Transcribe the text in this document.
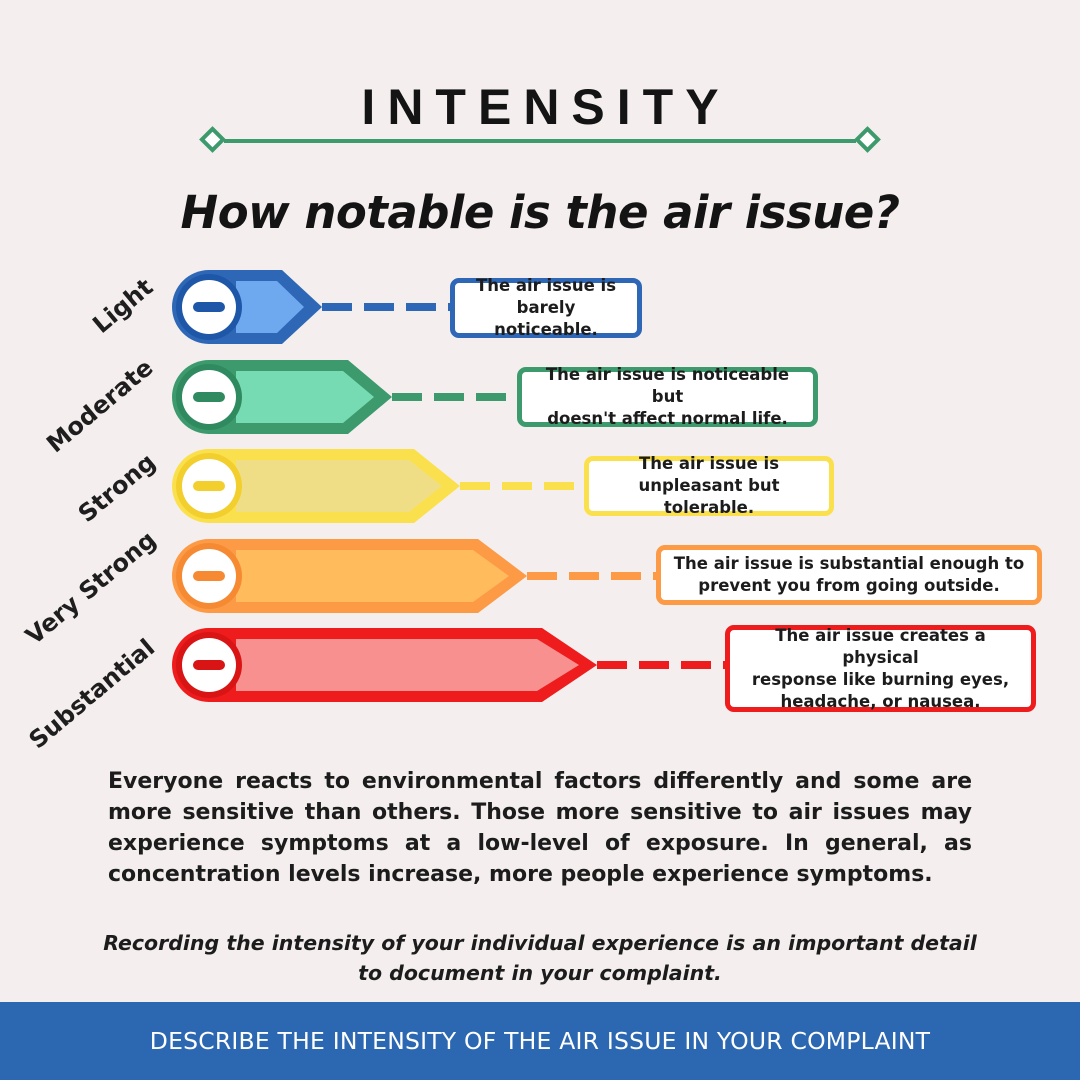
INTENSITY
How notable is the air issue?
Light
Moderate
Strong
Very Strong
Substantial
The air issue is
barely noticeable.
The air issue is noticeable but
doesn't affect normal life.
The air issue is
unpleasant but tolerable.
The air issue is substantial enough to
prevent you from going outside.
The air issue creates a physical
response like burning eyes,
headache, or nausea.
Everyone reacts to environmental factors differently and some are more sensitive than others. Those more sensitive to air issues may experience symptoms at a low-level of exposure. In general, as concentration levels increase, more people experience symptoms.
Recording the intensity of your individual experience is an important detail to document in your complaint.
DESCRIBE THE INTENSITY OF THE AIR ISSUE IN YOUR COMPLAINT
